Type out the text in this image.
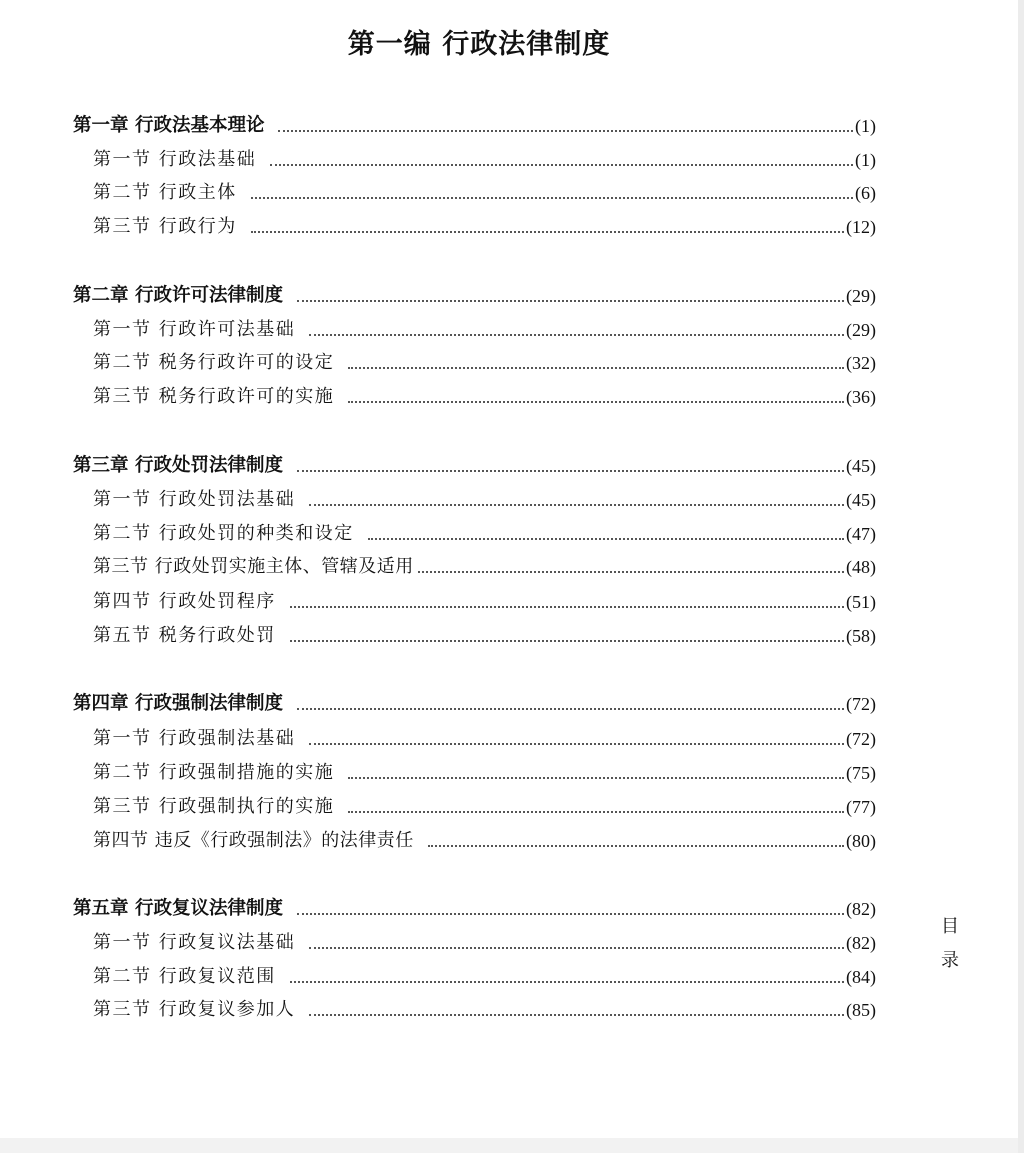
第一编 行政法律制度
第一章 行政法基本理论	(1)
第一节 行政法基础	(1)
第二节 行政主体	(6)
第三节 行政行为	(12)
第二章 行政许可法律制度	(29)
第一节 行政许可法基础	(29)
第二节 税务行政许可的设定	(32)
第三节 税务行政许可的实施	(36)
第三章 行政处罚法律制度	(45)
第一节 行政处罚法基础	(45)
第二节 行政处罚的种类和设定	(47)
第三节 行政处罚实施主体、管辖及适用	(48)
第四节 行政处罚程序	(51)
第五节 税务行政处罚	(58)
第四章 行政强制法律制度	(72)
第一节 行政强制法基础	(72)
第二节 行政强制措施的实施	(75)
第三节 行政强制执行的实施	(77)
第四节 违反《行政强制法》的法律责任	(80)
第五章 行政复议法律制度	(82)
第一节 行政复议法基础	(82)
第二节 行政复议范围	(84)
第三节 行政复议参加人	(85)
目
录
